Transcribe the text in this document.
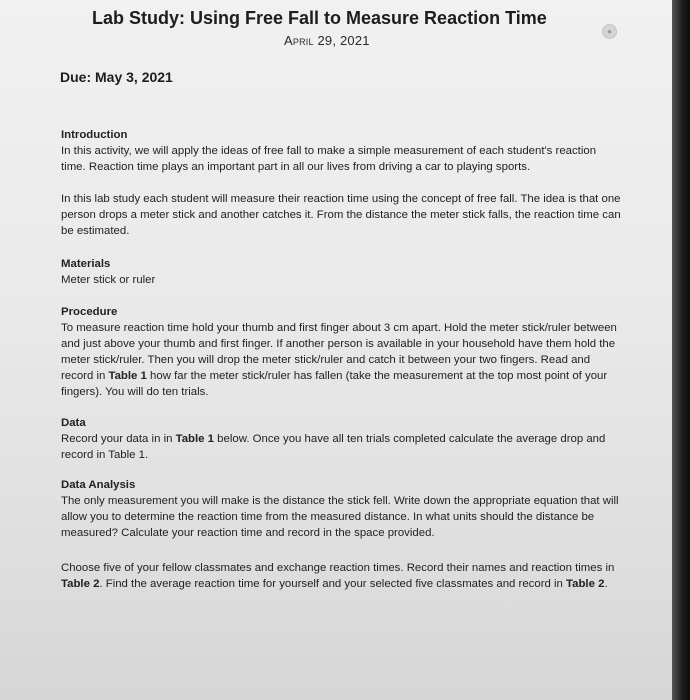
Lab Study: Using Free Fall to Measure Reaction Time
April 29, 2021
●
Due: May 3, 2021

Introduction

In this activity, we will apply the ideas of free fall to make a simple measurement of each student's reaction time. Reaction time plays an important part in all our lives from driving a car to playing sports.

In this lab study each student will measure their reaction time using the concept of free fall. The idea is that one person drops a meter stick and another catches it. From the distance the meter stick falls, the reaction time can be estimated.

Materials

Meter stick or ruler

Procedure

To measure reaction time hold your thumb and first finger about 3 cm apart. Hold the meter stick/ruler between and just above your thumb and first finger. If another person is available in your household have them hold the meter stick/ruler. Then you will drop the meter stick/ruler and catch it between your two fingers. Read and record in Table 1 how far the meter stick/ruler has fallen (take the measurement at the top most point of your fingers). You will do ten trials.

Data

Record your data in in Table 1 below. Once you have all ten trials completed calculate the average drop and record in Table 1.

Data Analysis

The only measurement you will make is the distance the stick fell. Write down the appropriate equation that will allow you to determine the reaction time from the measured distance. In what units should the distance be measured? Calculate your reaction time and record in the space provided.

Choose five of your fellow classmates and exchange reaction times. Record their names and reaction times in Table 2. Find the average reaction time for yourself and your selected five classmates and record in Table 2.
